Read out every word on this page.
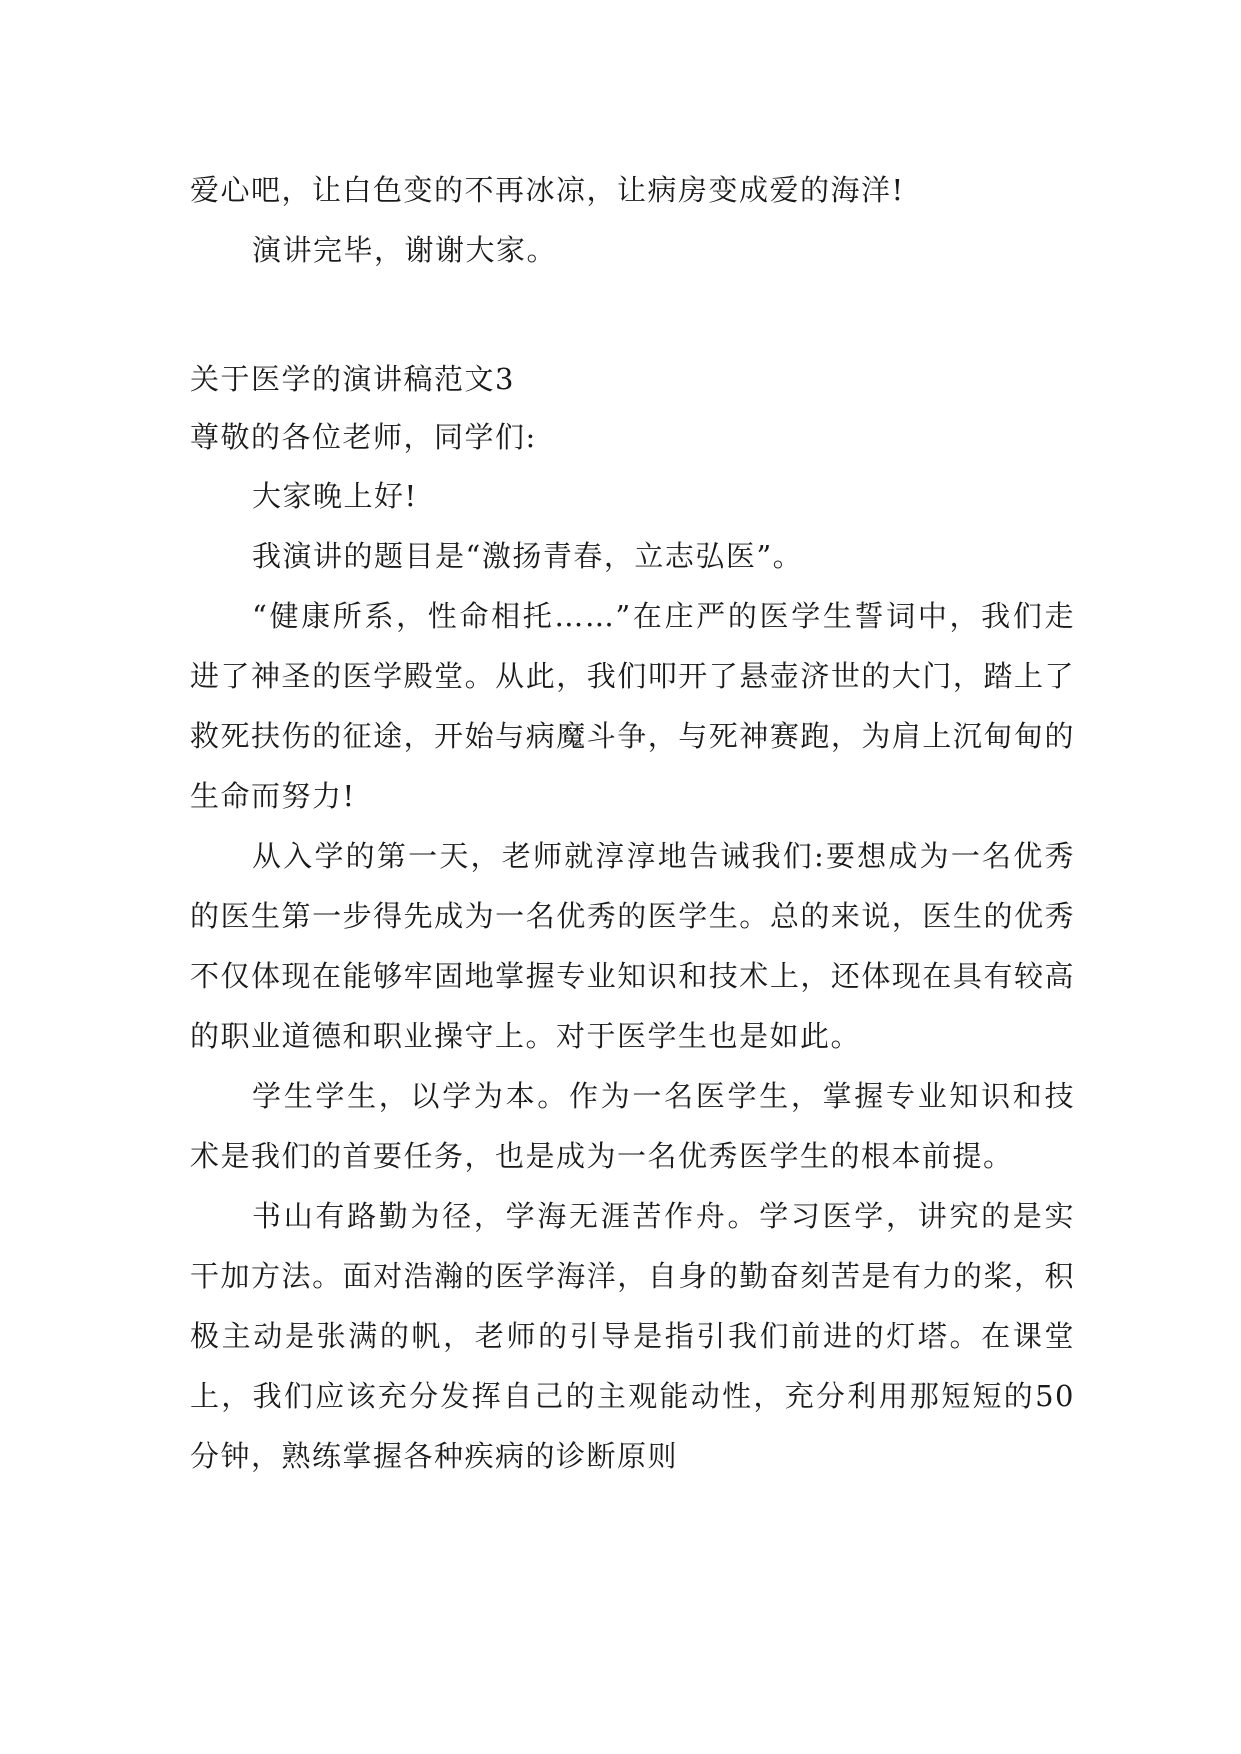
爱心吧，让白色变的不再冰凉，让病房变成爱的海洋!

演讲完毕，谢谢大家。

关于医学的演讲稿范文3

尊敬的各位老师，同学们:

大家晚上好!

我演讲的题目是“激扬青春，立志弘医”。

“健康所系，性命相托……”在庄严的医学生誓词中，我们走进了神圣的医学殿堂。从此，我们叩开了悬壶济世的大门，踏上了救死扶伤的征途，开始与病魔斗争，与死神赛跑，为肩上沉甸甸的生命而努力!

从入学的第一天，老师就淳淳地告诫我们:要想成为一名优秀的医生第一步得先成为一名优秀的医学生。总的来说，医生的优秀不仅体现在能够牢固地掌握专业知识和技术上，还体现在具有较高的职业道德和职业操守上。对于医学生也是如此。

学生学生，以学为本。作为一名医学生，掌握专业知识和技术是我们的首要任务，也是成为一名优秀医学生的根本前提。

书山有路勤为径，学海无涯苦作舟。学习医学，讲究的是实干加方法。面对浩瀚的医学海洋，自身的勤奋刻苦是有力的桨，积极主动是张满的帆，老师的引导是指引我们前进的灯塔。在课堂上，我们应该充分发挥自己的主观能动性，充分利用那短短的50分钟，熟练掌握各种疾病的诊断原则
